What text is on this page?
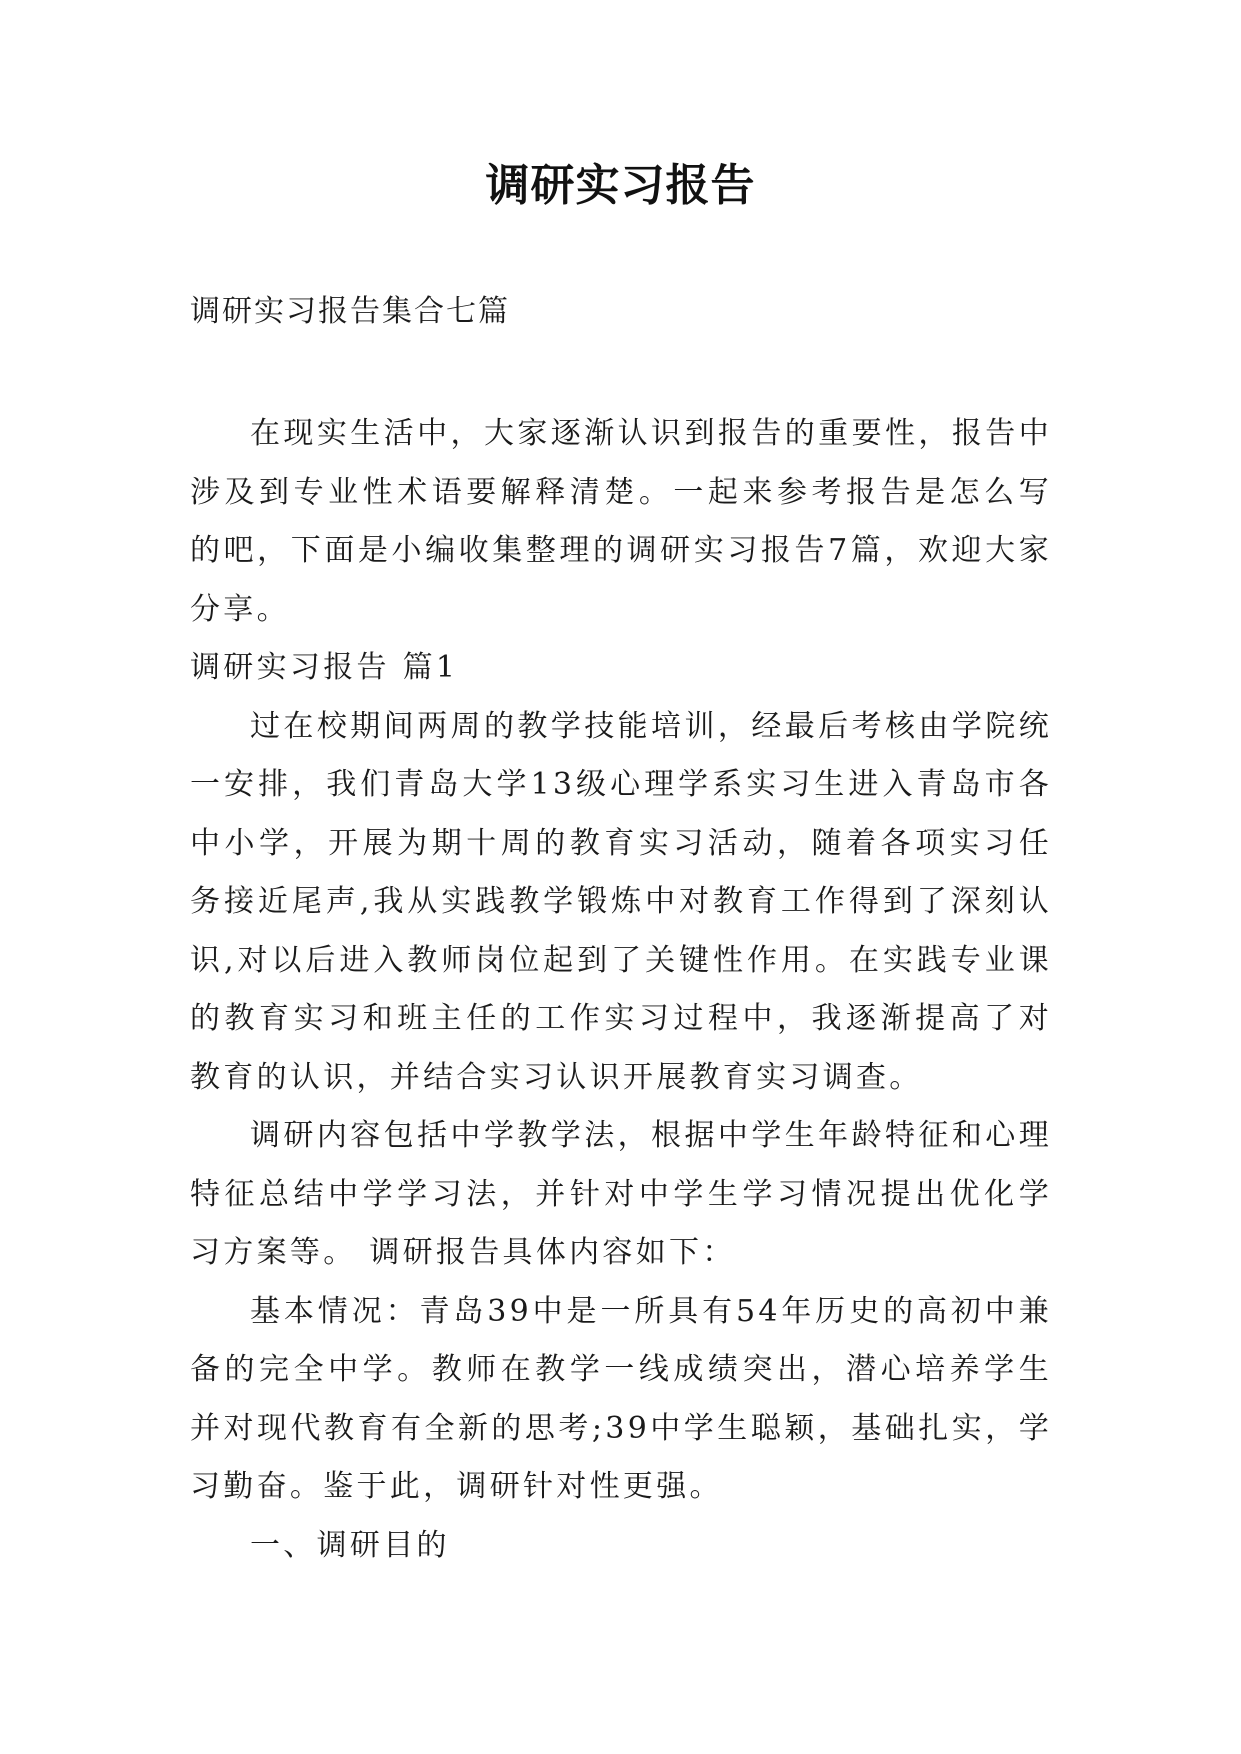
调研实习报告

调研实习报告集合七篇

在现实生活中，大家逐渐认识到报告的重要性，报告中涉及到专业性术语要解释清楚。一起来参考报告是怎么写的吧，下面是小编收集整理的调研实习报告7篇，欢迎大家分享。

调研实习报告 篇1

过在校期间两周的教学技能培训，经最后考核由学院统一安排，我们青岛大学13级心理学系实习生进入青岛市各中小学，开展为期十周的教育实习活动，随着各项实习任务接近尾声,我从实践教学锻炼中对教育工作得到了深刻认识,对以后进入教师岗位起到了关键性作用。在实践专业课的教育实习和班主任的工作实习过程中，我逐渐提高了对教育的认识，并结合实习认识开展教育实习调查。

调研内容包括中学教学法，根据中学生年龄特征和心理特征总结中学学习法，并针对中学生学习情况提出优化学习方案等。 调研报告具体内容如下：

基本情况：青岛39中是一所具有54年历史的高初中兼备的完全中学。教师在教学一线成绩突出，潜心培养学生并对现代教育有全新的思考;39中学生聪颖，基础扎实，学习勤奋。鉴于此，调研针对性更强。

一、调研目的
